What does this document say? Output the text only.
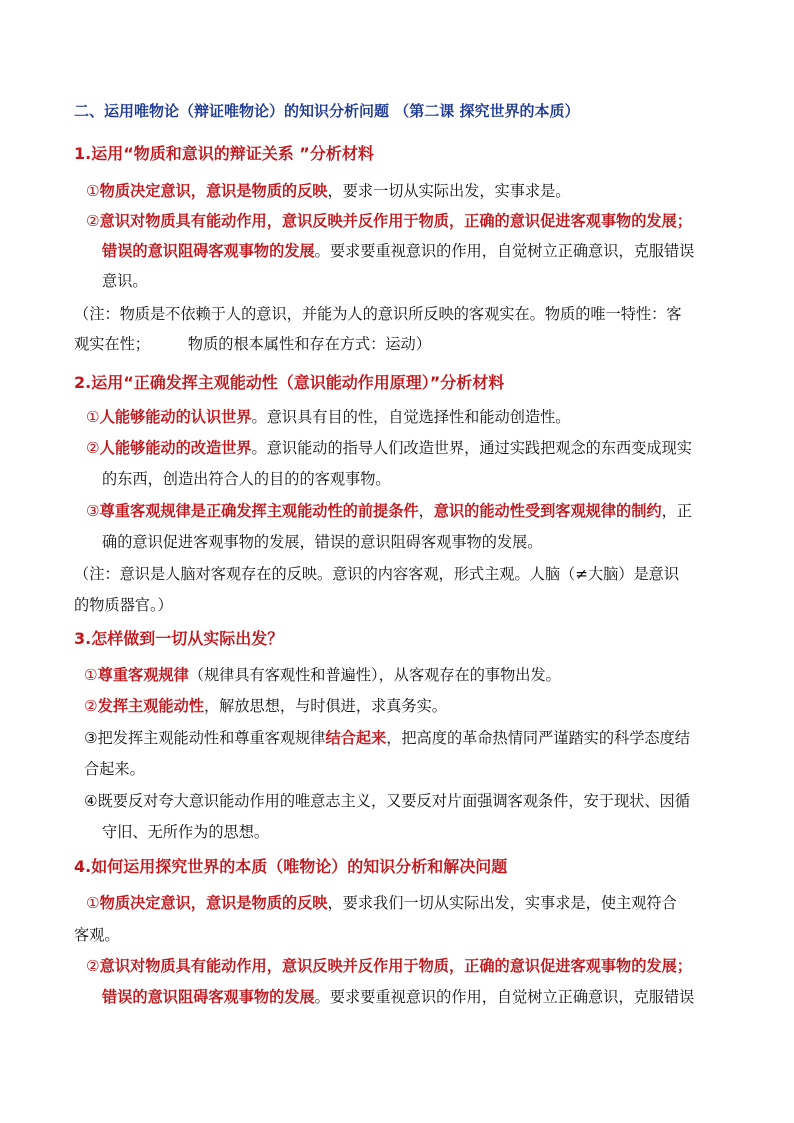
二、运用唯物论（辩证唯物论）的知识分析问题 （第二课 探究世界的本质）
1.运用“物质和意识的辩证关系 ”分析材料
①物质决定意识，意识是物质的反映，要求一切从实际出发，实事求是。
②意识对物质具有能动作用，意识反映并反作用于物质，正确的意识促进客观事物的发展；
错误的意识阻碍客观事物的发展。要求要重视意识的作用，自觉树立正确意识，克服错误
意识。
（注：物质是不依赖于人的意识，并能为人的意识所反映的客观实在。物质的唯一特性：客
观实在性；　　　物质的根本属性和存在方式：运动）
2.运用“正确发挥主观能动性（意识能动作用原理）”分析材料
①人能够能动的认识世界。意识具有目的性，自觉选择性和能动创造性。
②人能够能动的改造世界。意识能动的指导人们改造世界，通过实践把观念的东西变成现实
的东西，创造出符合人的目的的客观事物。
③尊重客观规律是正确发挥主观能动性的前提条件，意识的能动性受到客观规律的制约，正
确的意识促进客观事物的发展，错误的意识阻碍客观事物的发展。
（注：意识是人脑对客观存在的反映。意识的内容客观，形式主观。人脑（≠大脑）是意识
的物质器官。）
3.怎样做到一切从实际出发？
①尊重客观规律（规律具有客观性和普遍性），从客观存在的事物出发。
②发挥主观能动性，解放思想，与时俱进，求真务实。
③把发挥主观能动性和尊重客观规律结合起来，把高度的革命热情同严谨踏实的科学态度结
合起来。
④既要反对夸大意识能动作用的唯意志主义，又要反对片面强调客观条件，安于现状、因循
守旧、无所作为的思想。
4.如何运用探究世界的本质（唯物论）的知识分析和解决问题
①物质决定意识，意识是物质的反映，要求我们一切从实际出发，实事求是，使主观符合
客观。
②意识对物质具有能动作用，意识反映并反作用于物质，正确的意识促进客观事物的发展；
错误的意识阻碍客观事物的发展。要求要重视意识的作用，自觉树立正确意识，克服错误
